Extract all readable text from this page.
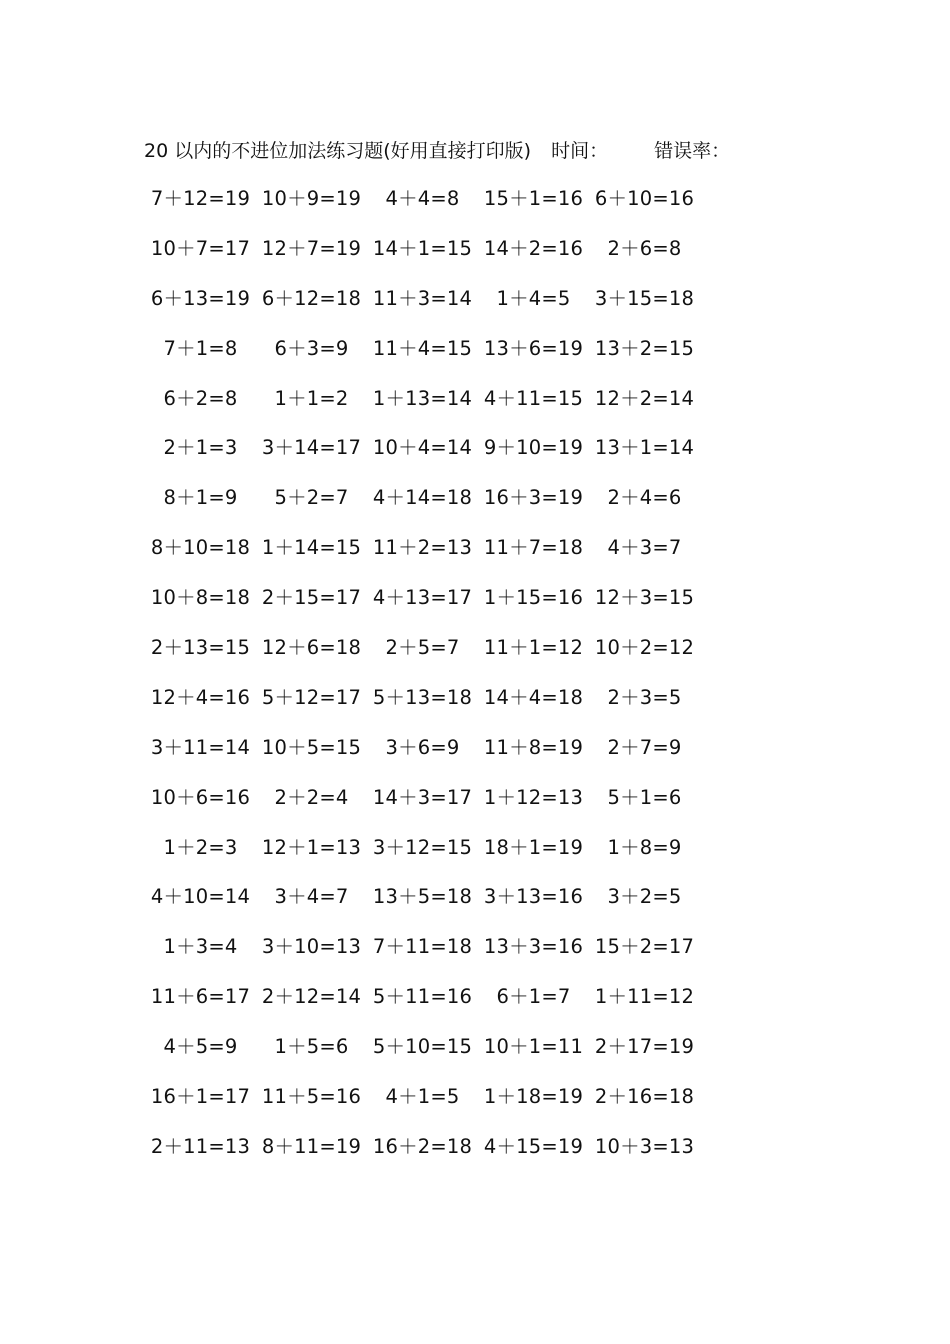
20 以内的不进位加法练习题(好用直接打印版) 时间： 错误率：
7＋12=19 10＋9=19	4＋4=8	15＋1=16 6＋10=16
10＋7=17 12＋7=19 14＋1=15 14＋2=16	2＋6=8
6＋13=19 6＋12=18 11＋3=14	1＋4=5	3＋15=18
7＋1=8	6＋3=9	11＋4=15 13＋6=19 13＋2=15
6＋2=8	1＋1=2	1＋13=14 4＋11=15 12＋2=14
2＋1=3	3＋14=17 10＋4=14 9＋10=19 13＋1=14
8＋1=9	5＋2=7	4＋14=18 16＋3=19	2＋4=6
8＋10=18 1＋14=15 11＋2=13 11＋7=18	4＋3=7
10＋8=18 2＋15=17 4＋13=17 1＋15=16 12＋3=15
2＋13=15 12＋6=18	2＋5=7	11＋1=12 10＋2=12
12＋4=16 5＋12=17 5＋13=18 14＋4=18	2＋3=5
3＋11=14 10＋5=15	3＋6=9	11＋8=19	2＋7=9
10＋6=16	2＋2=4	14＋3=17 1＋12=13	5＋1=6
1＋2=3	12＋1=13 3＋12=15 18＋1=19	1＋8=9
4＋10=14	3＋4=7	13＋5=18 3＋13=16	3＋2=5
1＋3=4	3＋10=13 7＋11=18 13＋3=16 15＋2=17
11＋6=17 2＋12=14 5＋11=16	6＋1=7	1＋11=12
4＋5=9	1＋5=6	5＋10=15 10＋1=11 2＋17=19
16＋1=17 11＋5=16	4＋1=5	1＋18=19 2＋16=18
2＋11=13 8＋11=19 16＋2=18 4＋15=19 10＋3=13
